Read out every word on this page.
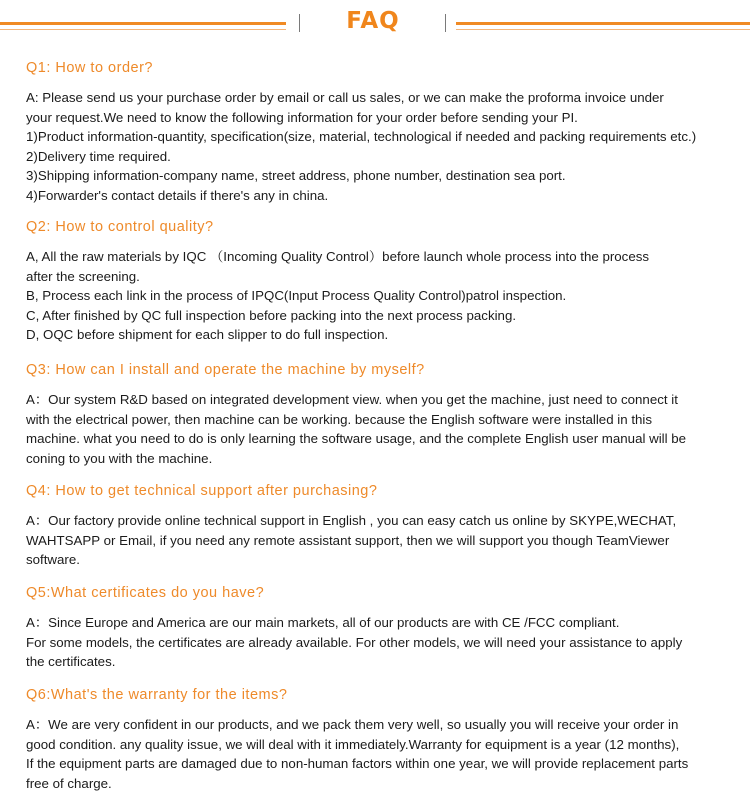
FAQ
Q1: How to order?
A: Please send us your purchase order by email or call us sales, or we can make the proforma invoice under
your request.We need to know the following information for your order before sending your PI.
1)Product information-quantity, specification(size, material, technological if needed and packing requirements etc.)
2)Delivery time required.
3)Shipping information-company name, street address, phone number, destination sea port.
4)Forwarder's contact details if there's any in china.
Q2: How to control quality?
A, All the raw materials by IQC （Incoming Quality Control）before launch whole process into the process
after the screening.
B, Process each link in the process of IPQC(Input Process Quality Control)patrol inspection.
C, After finished by QC full inspection before packing into the next process packing.
D, OQC before shipment for each slipper to do full inspection.
Q3: How can I install and operate the machine by myself?
A：Our system R&D based on integrated development view. when you get the machine, just need to connect it
with the electrical power, then machine can be working. because the English software were installed in this
machine. what you need to do is only learning the software usage, and the complete English user manual will be
coning to you with the machine.
Q4: How to get technical support after purchasing?
A：Our factory provide online technical support in English , you can easy catch us online by SKYPE,WECHAT,
WAHTSAPP or Email, if you need any remote assistant support, then we will support you though TeamViewer
software.
Q5:What certificates do you have?
A：Since Europe and America are our main markets, all of our products are with CE /FCC compliant.
For some models, the certificates are already available. For other models, we will need your assistance to apply
the certificates.
Q6:What's the warranty for the items?
A：We are very confident in our products, and we pack them very well, so usually you will receive your order in
good condition. any quality issue, we will deal with it immediately.Warranty for equipment is a year (12 months),
If the equipment parts are damaged due to non-human factors within one year, we will provide replacement parts
free of charge.
